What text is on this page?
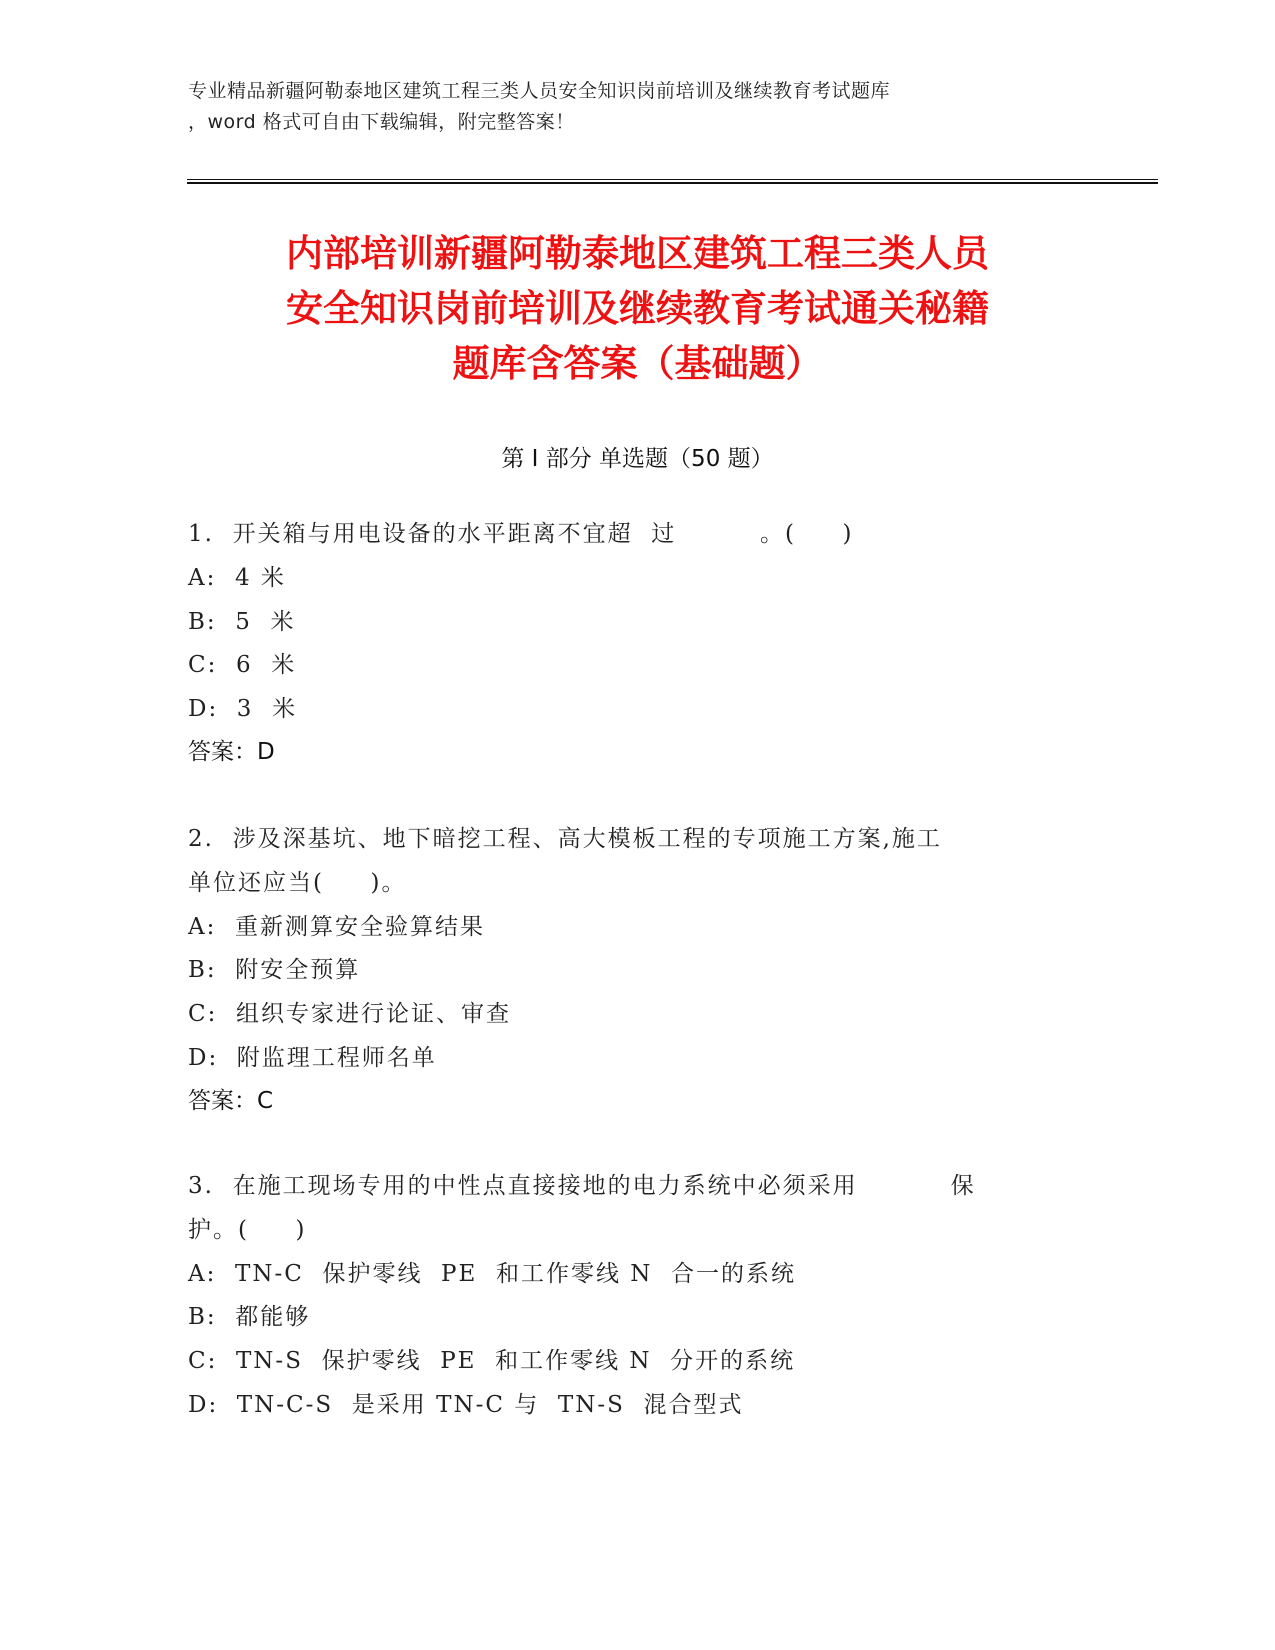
专业精品新疆阿勒泰地区建筑工程三类人员安全知识岗前培训及继续教育考试题库
，word 格式可自由下载编辑，附完整答案！
内部培训新疆阿勒泰地区建筑工程三类人员
安全知识岗前培训及继续教育考试通关秘籍
题库含答案（基础题）
第 I 部分 单选题（50 题）
1.  开关箱与用电设备的水平距离不宜超  过         。(     )
A:  4 米
B:  5  米
C:  6  米
D:  3  米
答案：D
2.  涉及深基坑、地下暗挖工程、高大模板工程的专项施工方案,施工
单位还应当(     )。
A:  重新测算安全验算结果
B:  附安全预算
C:  组织专家进行论证、审查
D:  附监理工程师名单
答案：C
3.  在施工现场专用的中性点直接接地的电力系统中必须采用          保
护。(     )
A:  TN-C  保护零线  PE  和工作零线 N  合一的系统
B:  都能够
C:  TN-S  保护零线  PE  和工作零线 N  分开的系统
D:  TN-C-S  是采用 TN-C 与  TN-S  混合型式
